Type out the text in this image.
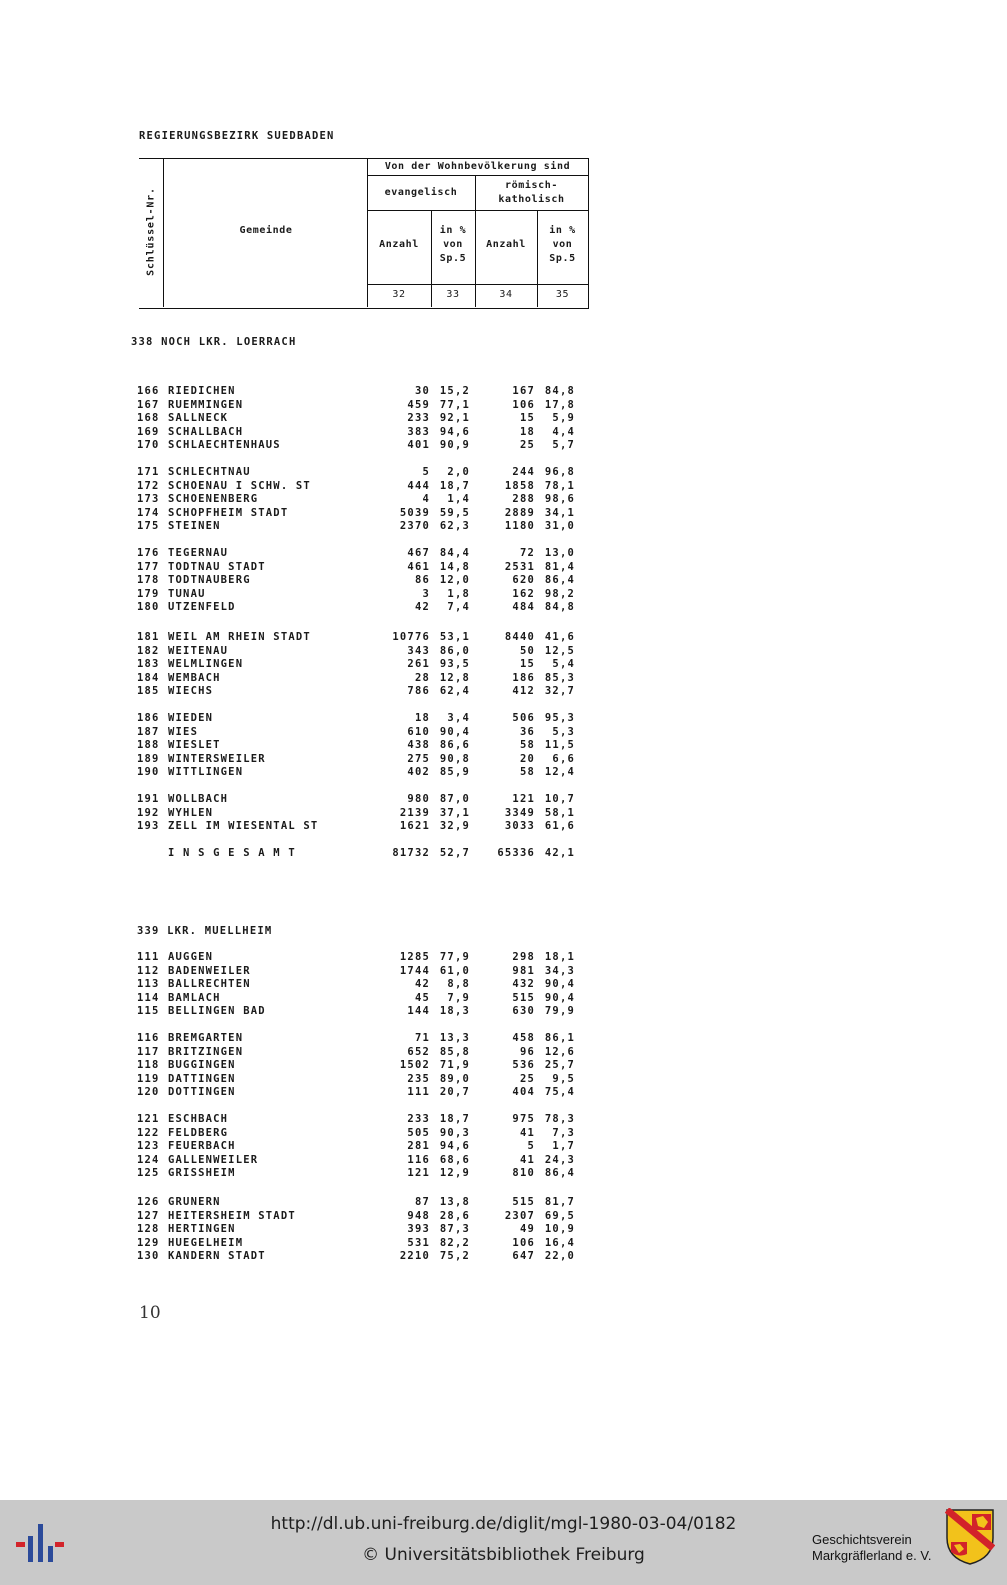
REGIERUNGSBEZIRK SUEDBADEN
Schlüssel-Nr.	Gemeinde
Von der Wohnbevölkerung sind
evangelisch
römisch-
katholisch
Anzahl
in %
von
Sp.5
Anzahl
in %
von
Sp.5
32	33	34	35
338 NOCH LKR. LOERRACH
166 RIEDICHEN	30 15,2	167 84,8
167 RUEMMINGEN	459 77,1	106 17,8
168 SALLNECK	233 92,1	15 5,9
169 SCHALLBACH	383 94,6	18 4,4
170 SCHLAECHTENHAUS	401 90,9	25 5,7
171 SCHLECHTNAU	5 2,0	244 96,8
172 SCHOENAU I SCHW. ST	444 18,7	1858 78,1
173 SCHOENENBERG	4 1,4	288 98,6
174 SCHOPFHEIM STADT	5039 59,5	2889 34,1
175 STEINEN	2370 62,3	1180 31,0
176 TEGERNAU	467 84,4	72 13,0
177 TODTNAU STADT	461 14,8	2531 81,4
178 TODTNAUBERG	86 12,0	620 86,4
179 TUNAU	3 1,8	162 98,2
180 UTZENFELD	42 7,4	484 84,8
181 WEIL AM RHEIN STADT	10776 53,1	8440 41,6
182 WEITENAU	343 86,0	50 12,5
183 WELMLINGEN	261 93,5	15 5,4
184 WEMBACH	28 12,8	186 85,3
185 WIECHS	786 62,4	412 32,7
186 WIEDEN	18 3,4	506 95,3
187 WIES	610 90,4	36 5,3
188 WIESLET	438 86,6	58 11,5
189 WINTERSWEILER	275 90,8	20 6,6
190 WITTLINGEN	402 85,9	58 12,4
191 WOLLBACH	980 87,0	121 10,7
192 WYHLEN	2139 37,1	3349 58,1
193 ZELL IM WIESENTAL ST	1621 32,9	3033 61,6
I N S G E S A M T	81732 52,7	65336 42,1
339 LKR. MUELLHEIM
111 AUGGEN	1285 77,9	298 18,1
112 BADENWEILER	1744 61,0	981 34,3
113 BALLRECHTEN	42 8,8	432 90,4
114 BAMLACH	45 7,9	515 90,4
115 BELLINGEN BAD	144 18,3	630 79,9
116 BREMGARTEN	71 13,3	458 86,1
117 BRITZINGEN	652 85,8	96 12,6
118 BUGGINGEN	1502 71,9	536 25,7
119 DATTINGEN	235 89,0	25 9,5
120 DOTTINGEN	111 20,7	404 75,4
121 ESCHBACH	233 18,7	975 78,3
122 FELDBERG	505 90,3	41 7,3
123 FEUERBACH	281 94,6	5 1,7
124 GALLENWEILER	116 68,6	41 24,3
125 GRISSHEIM	121 12,9	810 86,4
126 GRUNERN	87 13,8	515 81,7
127 HEITERSHEIM STADT	948 28,6	2307 69,5
128 HERTINGEN	393 87,3	49 10,9
129 HUEGELHEIM	531 82,2	106 16,4
130 KANDERN STADT	2210 75,2	647 22,0
10
http://dl.ub.uni-freiburg.de/diglit/mgl-1980-03-04/0182
© Universitätsbibliothek Freiburg
Geschichtsverein
Markgräflerland e. V.
